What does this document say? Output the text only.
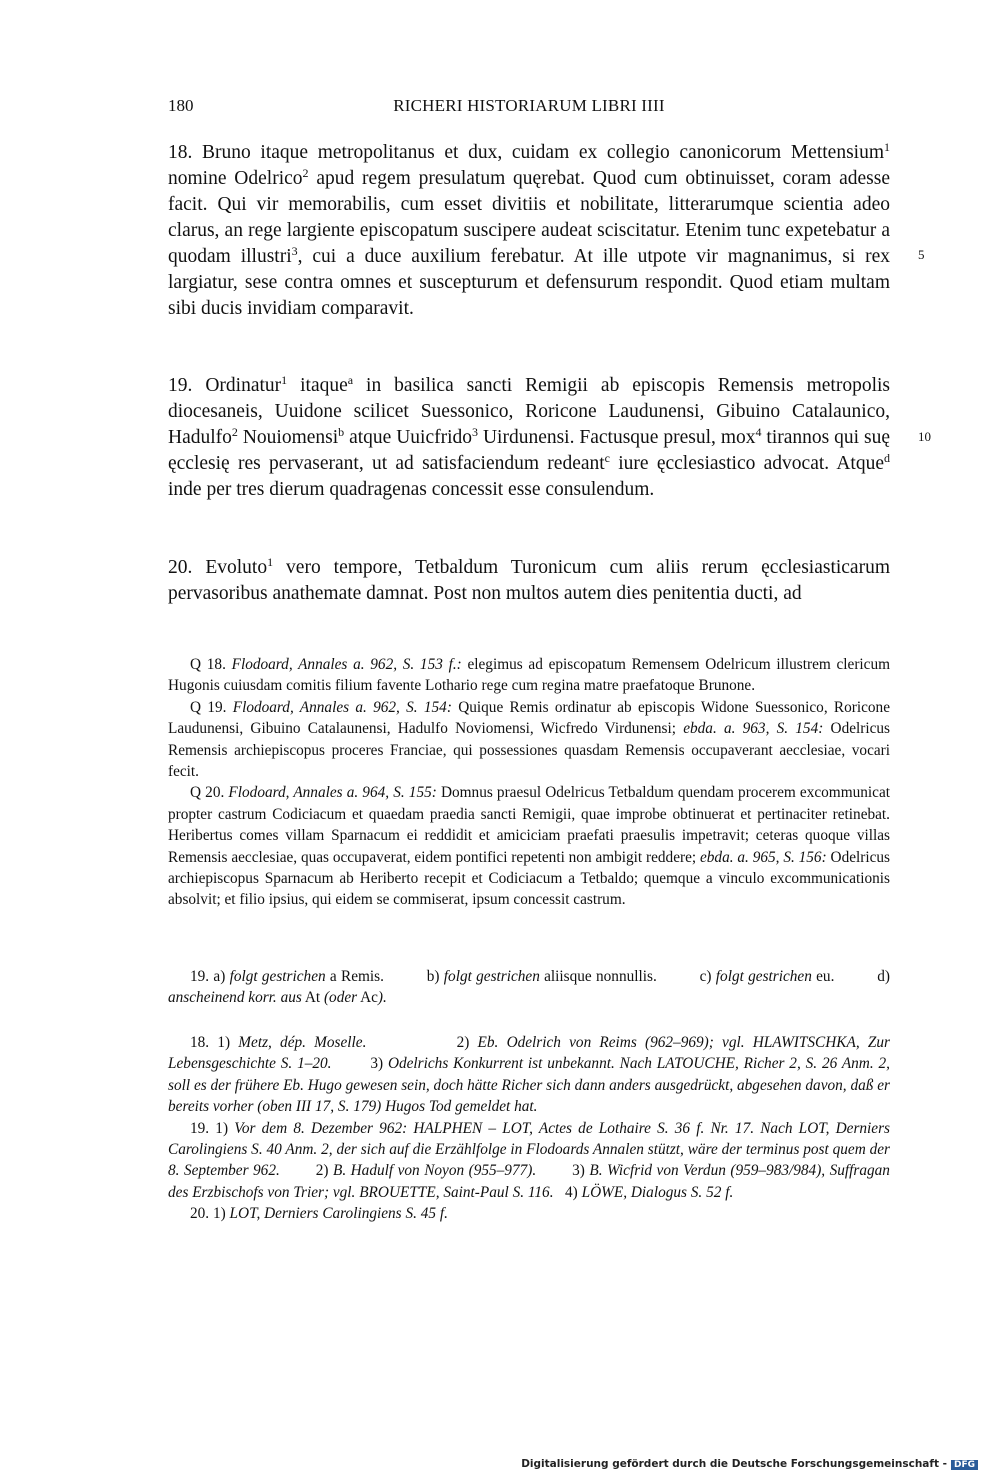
180	RICHERI HISTORIARUM LIBRI IIII

18. Bruno itaque metropolitanus et dux, cuidam ex collegio canonicorum Mettensium$^1$ nomine Odelrico$^2$ apud regem presulatum quęrebat. Quod cum obtinuisset, coram adesse facit. Qui vir memorabilis, cum esset divitiis et nobilitate, litterarumque scientia adeo clarus, an rege largiente episcopatum suscipere audeat sciscitatur. Etenim tunc expetebatur a quodam illustri$^3$, cui a duce auxilium ferebatur. At ille utpote vir magnanimus, si rex largiatur, sese contra omnes et suscepturum et defensurum respondit. Quod etiam multam sibi ducis invidiam comparavit.

5

19. Ordinatur$^1$ itaque$^a$ in basilica sancti Remigii ab episcopis Remensis metropolis diocesaneis, Uuidone scilicet Suessonico, Roricone Laudunensi, Gibuino Catalaunico, Hadulfo$^2$ Nouiomensi$^b$ atque Uuicfrido$^3$ Uirdunensi. Factusque presul, mox$^4$ tirannos qui suę ęcclesię res pervaserant, ut ad satisfaciendum redeant$^c$ iure ęcclesiastico advocat. Atque$^d$ inde per tres dierum quadragenas concessit esse consulendum.

10

20. Evoluto$^1$ vero tempore, Tetbaldum Turonicum cum aliis rerum ęcclesiasticarum pervasoribus anathemate damnat. Post non multos autem dies penitentia ducti, ad

Q 18. Flodoard, Annales a. 962, S. 153 f.: elegimus ad episcopatum Remensem Odelricum illustrem clericum Hugonis cuiusdam comitis filium favente Lothario rege cum regina matre praefatoque Brunone.

Q 19. Flodoard, Annales a. 962, S. 154: Quique Remis ordinatur ab episcopis Widone Suessonico, Roricone Laudunensi, Gibuino Catalaunensi, Hadulfo Noviomensi, Wicfredo Virdunensi; ebda. a. 963, S. 154: Odelricus Remensis archiepiscopus proceres Franciae, qui possessiones quasdam Remensis occupaverant aecclesiae, vocari fecit.

Q 20. Flodoard, Annales a. 964, S. 155: Domnus praesul Odelricus Tetbaldum quendam procerem excommunicat propter castrum Codiciacum et quaedam praedia sancti Remigii, quae improbe obtinuerat et pertinaciter retinebat. Heribertus comes villam Sparnacum ei reddidit et amiciciam praefati praesulis impetravit; ceteras quoque villas Remensis aecclesiae, quas occupaverat, eidem pontifici repetenti non ambigit reddere; ebda. a. 965, S. 156: Odelricus archiepiscopus Sparnacum ab Heriberto recepit et Codiciacum a Tetbaldo; quemque a vinculo excommunicationis absolvit; et filio ipsius, qui eidem se commiserat, ipsum concessit castrum.

19. a) folgt gestrichen a Remis.          b) folgt gestrichen aliisque nonnullis.          c) folgt gestrichen eu.          d) anscheinend korr. aus At (oder Ac).

18. 1) Metz, dép. Moselle.           2) Eb. Odelrich von Reims (962–969); vgl. HLAWITSCHKA, Zur Lebensgeschichte S. 1–20.        3) Odelrichs Konkurrent ist unbekannt. Nach LATOUCHE, Richer 2, S. 26 Anm. 2, soll es der frühere Eb. Hugo gewesen sein, doch hätte Richer sich dann anders ausgedrückt, abgesehen davon, daß er bereits vorher (oben III 17, S. 179) Hugos Tod gemeldet hat.

19. 1) Vor dem 8. Dezember 962: HALPHEN – LOT, Actes de Lothaire S. 36 f. Nr. 17. Nach LOT, Derniers Carolingiens S. 40 Anm. 2, der sich auf die Erzählfolge in Flodoards Annalen stützt, wäre der terminus post quem der 8. September 962.        2) B. Hadulf von Noyon (955–977).        3) B. Wicfrid von Verdun (959–983/984), Suffragan des Erzbischofs von Trier; vgl. BROUETTE, Saint-Paul S. 116.   4) LÖWE, Dialogus S. 52 f.

20. 1) LOT, Derniers Carolingiens S. 45 f.

Digitalisierung gefördert durch die Deutsche Forschungsgemeinschaft - DFG
